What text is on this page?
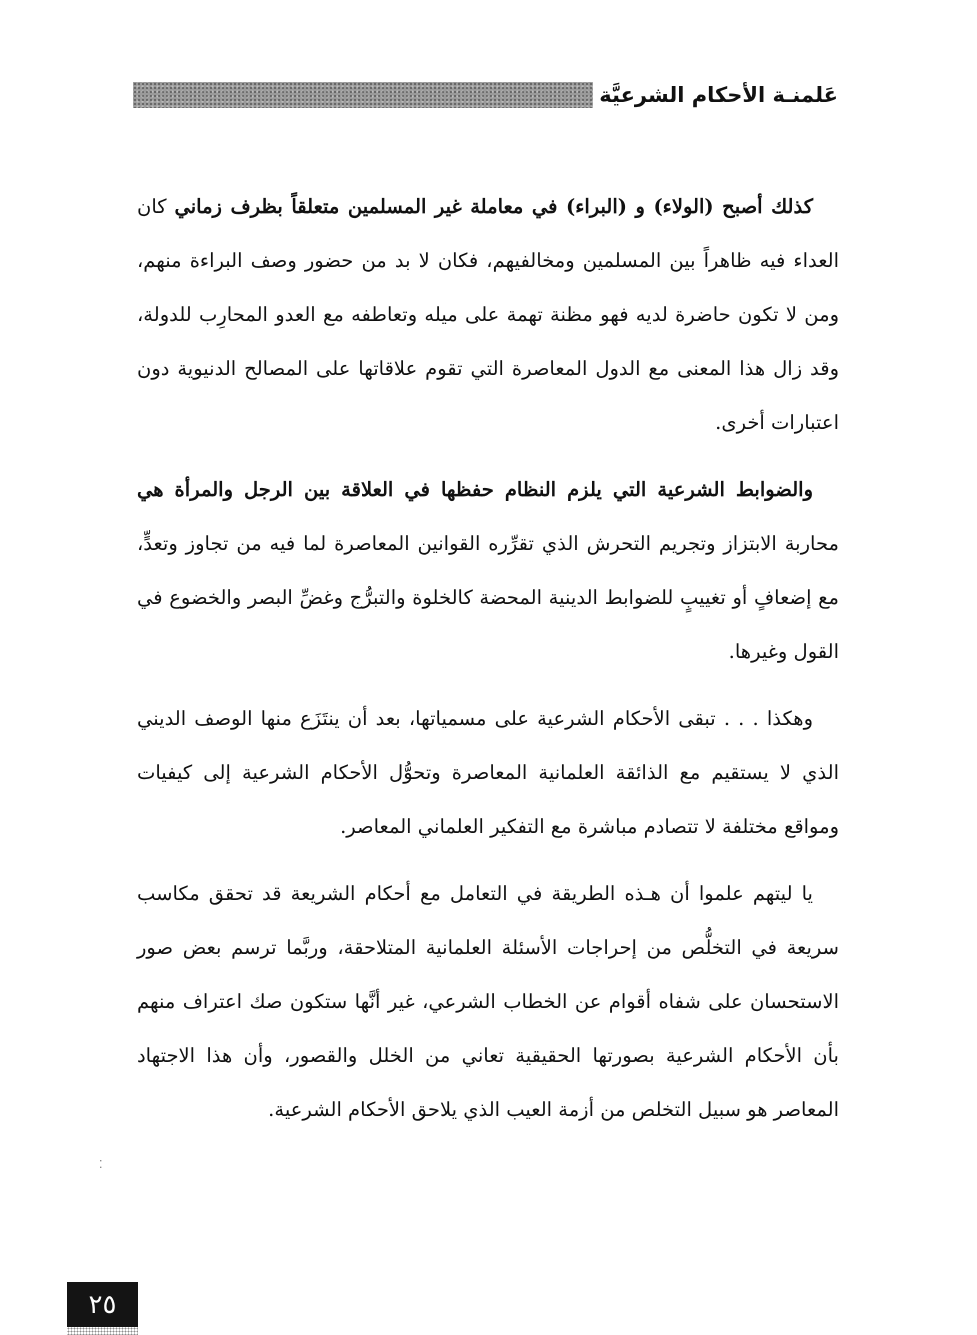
عَلمنـة الأحكام الشرعيَّة

كذلك أصبح (الولاء) و (البراء) في معاملة غير المسلمين متعلقاً بظرف زماني كان العداء فيه ظاهراً بين المسلمين ومخالفيهم، فكان لا بد من حضور وصف البراءة منهم، ومن لا تكون حاضرة لديه فهو مظنة تهمة على ميله وتعاطفه مع العدو المحارِب للدولة، وقد زال هذا المعنى مع الدول المعاصرة التي تقوم علاقاتها على المصالح الدنيوية دون اعتبارات أخرى.

والضوابط الشرعية التي يلزم النظام حفظها في العلاقة بين الرجل والمرأة هي محاربة الابتزاز وتجريم التحرش الذي تقرِّره القوانين المعاصرة لما فيه من تجاوز وتعدٍّ، مع إضعافٍ أو تغييبٍ للضوابط الدينية المحضة كالخلوة والتبرُّج وغضِّ البصر والخضوع في القول وغيرها.

وهكذا . . . تبقى الأحكام الشرعية على مسمياتها، بعد أن ينتَزَع منها الوصف الديني الذي لا يستقيم مع الذائقة العلمانية المعاصرة وتحوُّل الأحكام الشرعية إلى كيفيات ومواقع مختلفة لا تتصادم مباشرة مع التفكير العلماني المعاصر.

يا ليتهم علموا أن هـذه الطريقة في التعامل مع أحكام الشريعة قد تحقق مكاسب سريعة في التخلُّص من إحراجات الأسئلة العلمانية المتلاحقة، وربَّما ترسم بعض صور الاستحسان على شفاه أقوام عن الخطاب الشرعي، غير أنَّها ستكون صك اعتراف منهم بأن الأحكام الشرعية بصورتها الحقيقية تعاني من الخلل والقصور، وأن هذا الاجتهاد المعاصر هو سبيل التخلص من أزمة العيب الذي يلاحق الأحكام الشرعية.

⁚
٢٥
